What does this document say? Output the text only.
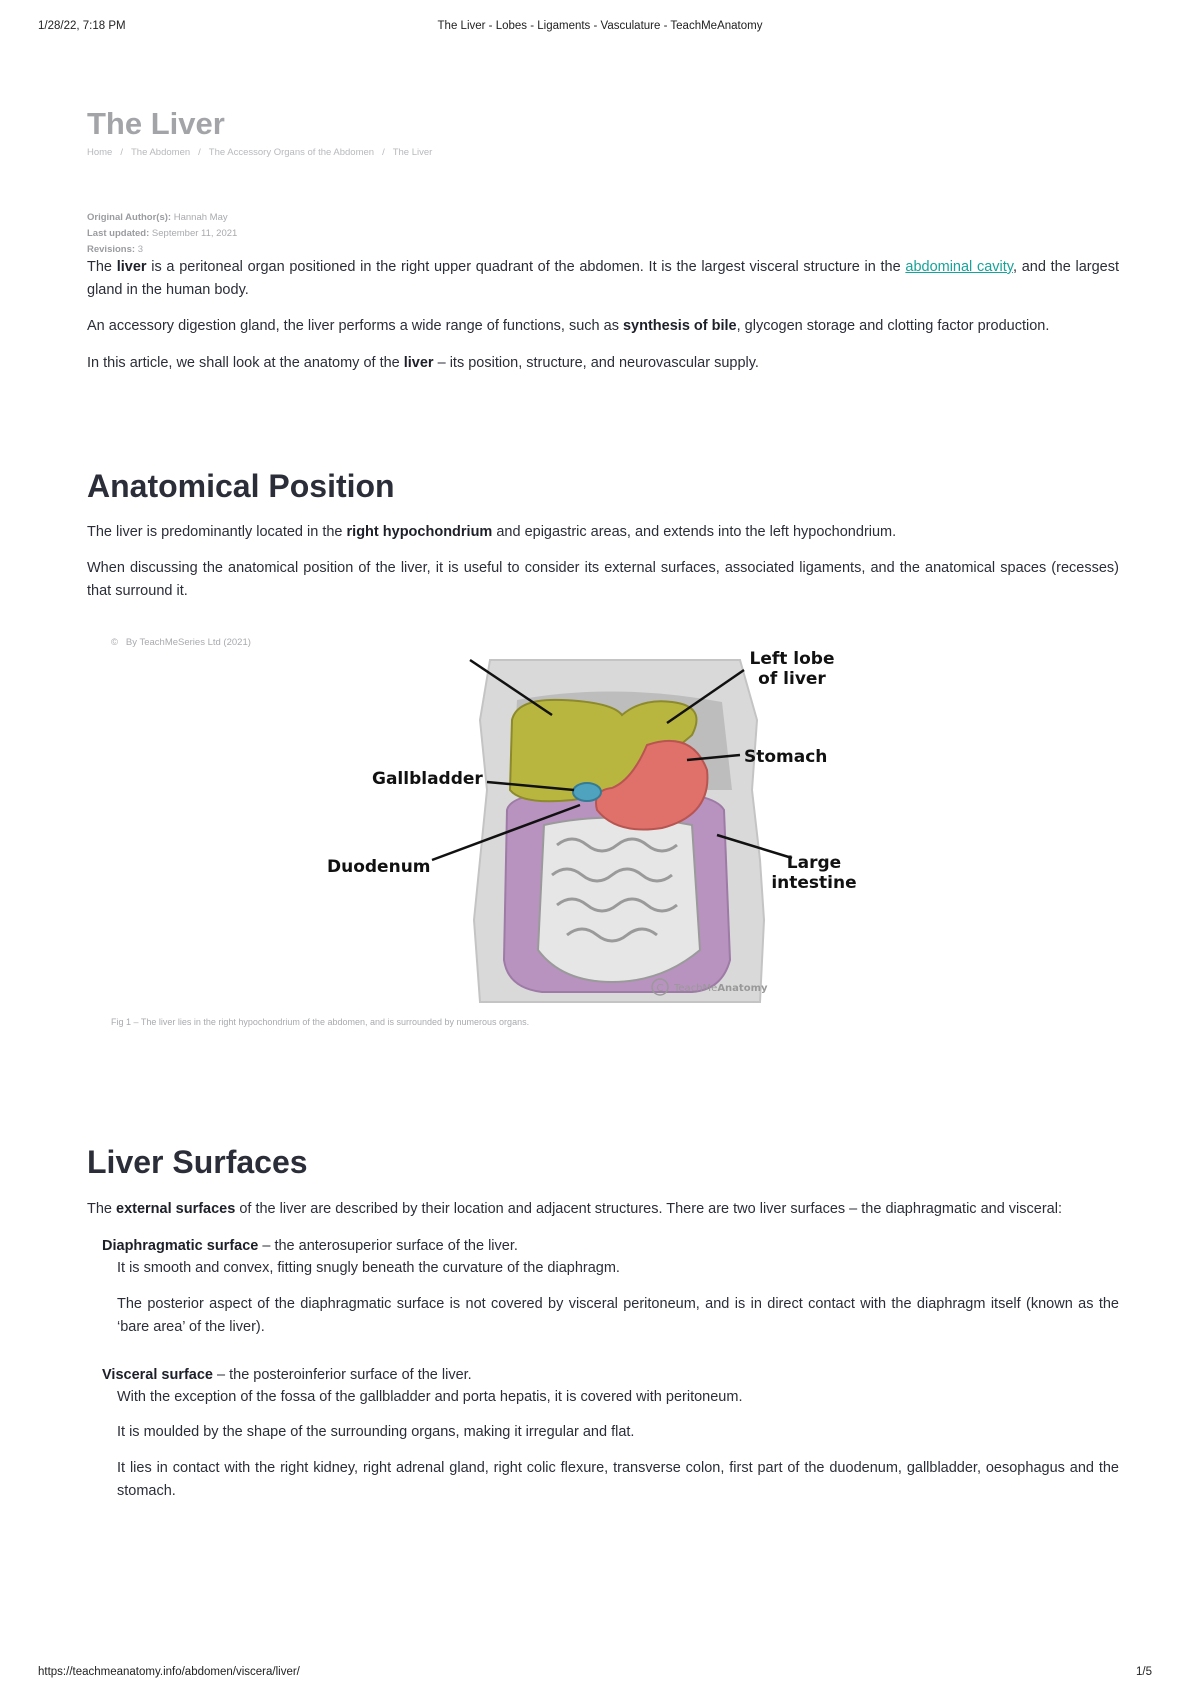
1/28/22, 7:18 PM	The Liver - Lobes - Ligaments - Vasculature - TeachMeAnatomy
The Liver
Home / The Abdomen / The Accessory Organs of the Abdomen / The Liver
Original Author(s): Hannah May
Last updated: September 11, 2021
Revisions: 3

The liver is a peritoneal organ positioned in the right upper quadrant of the abdomen. It is the largest visceral structure in the abdominal cavity, and the largest gland in the human body.

An accessory digestion gland, the liver performs a wide range of functions, such as synthesis of bile, glycogen storage and clotting factor production.

In this article, we shall look at the anatomy of the liver – its position, structure, and neurovascular supply.

Anatomical Position

The liver is predominantly located in the right hypochondrium and epigastric areas, and extends into the left hypochondrium.

When discussing the anatomical position of the liver, it is useful to consider its external surfaces, associated ligaments, and the anatomical spaces (recesses) that surround it.

© By TeachMeSeries Ltd (2021)
Left lobe
of liver
Stomach
Gallbladder
Duodenum	Large
intestine
C TeachMeAnatomy
Fig 1 – The liver lies in the right hypochondrium of the abdomen, and is surrounded by numerous organs.
Liver Surfaces

The external surfaces of the liver are described by their location and adjacent structures. There are two liver surfaces – the diaphragmatic and visceral:

Diaphragmatic surface – the anterosuperior surface of the liver.

It is smooth and convex, fitting snugly beneath the curvature of the diaphragm.

The posterior aspect of the diaphragmatic surface is not covered by visceral peritoneum, and is in direct contact with the diaphragm itself (known as the ‘bare area’ of the liver).

Visceral surface – the posteroinferior surface of the liver.

With the exception of the fossa of the gallbladder and porta hepatis, it is covered with peritoneum.

It is moulded by the shape of the surrounding organs, making it irregular and flat.

It lies in contact with the right kidney, right adrenal gland, right colic flexure, transverse colon, first part of the duodenum, gallbladder, oesophagus and the stomach.

https://teachmeanatomy.info/abdomen/viscera/liver/	1/5
